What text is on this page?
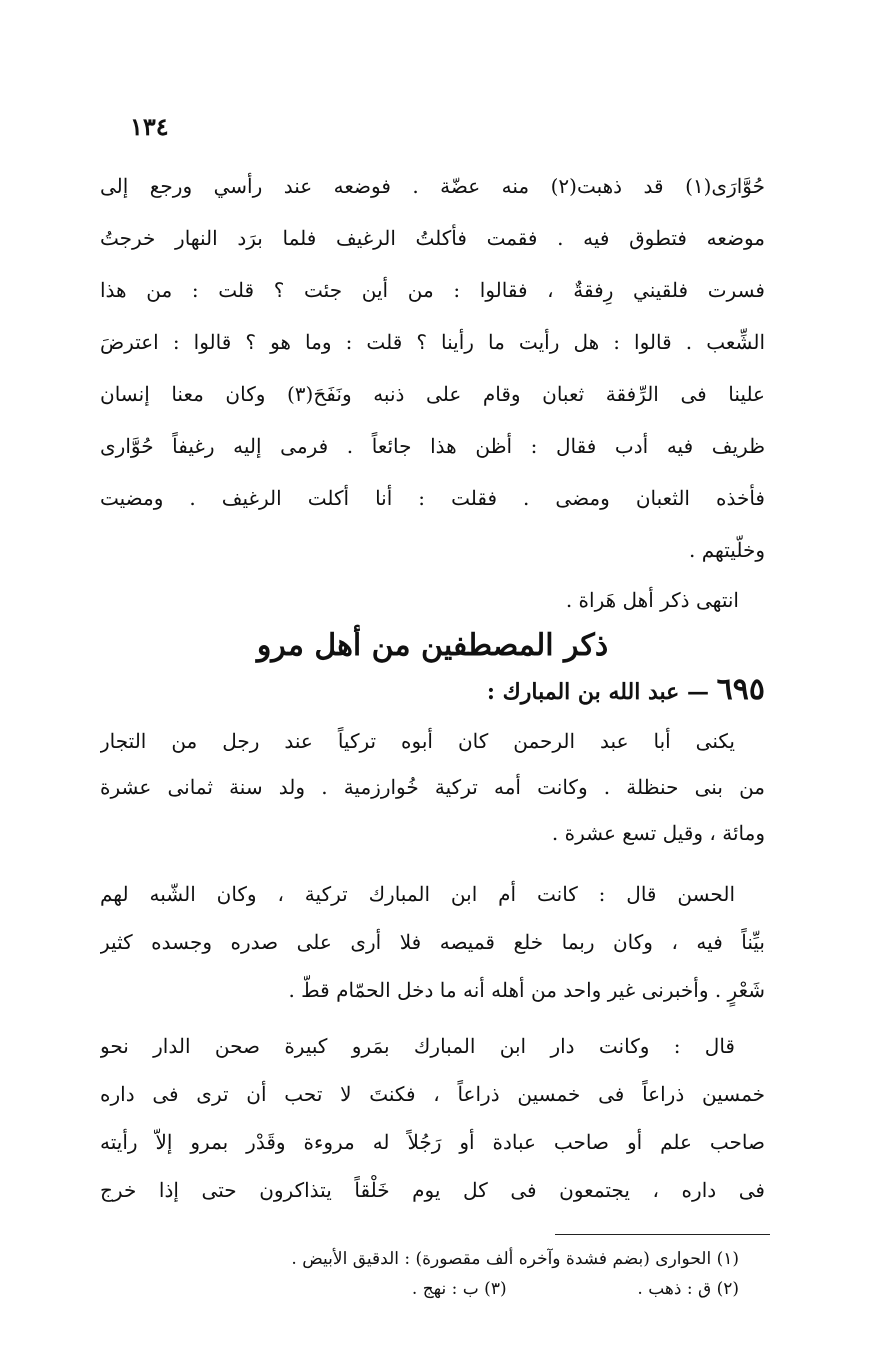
١٣٤
حُوَّارَى(١) قد ذهبت(٢) منه عضّة . فوضعه عند رأسي ورجع إلى
موضعه فتطوق فيه . فقمت فأكلتُ الرغيف فلما برَد النهار خرجتُ
فسرت فلقيني رِفقةٌ ، فقالوا : من أين جئت ؟ قلت : من هذا
الشِّعب . قالوا : هل رأيت ما رأينا ؟ قلت : وما هو ؟ قالوا : اعترضَ
علينا فى الرِّفقة ثعبان وقام على ذنبه ونَفَحَ(٣) وكان معنا إنسان
ظريف فيه أدب فقال : أظن هذا جائعاً . فرمى إليه رغيفاً حُوَّارى
فأخذه الثعبان ومضى . فقلت : أنا أكلت الرغيف . ومضيت
وخلّيتهم .
انتهى ذكر أهل هَراة .
ذكر المصطفين من أهل مرو
٦٩٥ — عبد الله بن المبارك :
يكنى أبا عبد الرحمن كان أبوه تركياً عند رجل من التجار
من بنى حنظلة . وكانت أمه تركية خُوارزمية . ولد سنة ثمانى عشرة
ومائة ، وقيل تسع عشرة .
الحسن قال : كانت أم ابن المبارك تركية ، وكان الشّبه لهم
بيِّناً فيه ، وكان ربما خلع قميصه فلا أرى على صدره وجسده كثير
شَعْرٍ . وأخبرنى غير واحد من أهله أنه ما دخل الحمّام قطّ .
قال : وكانت دار ابن المبارك بمَرو كبيرة صحن الدار نحو
خمسين ذراعاً فى خمسين ذراعاً ، فكنتَ لا تحب أن ترى فى داره
صاحب علم أو صاحب عبادة أو رَجُلاً له مروءة وقَدْر بمرو إلاّ رأيته
فى داره ، يجتمعون فى كل يوم خَلْقاً يتذاكرون حتى إذا خرج
(١) الحوارى (بضم فشدة وآخره ألف مقصورة) : الدقيق الأبيض .
(٢) ق : ذهب .  (٣) ب : نهج .
